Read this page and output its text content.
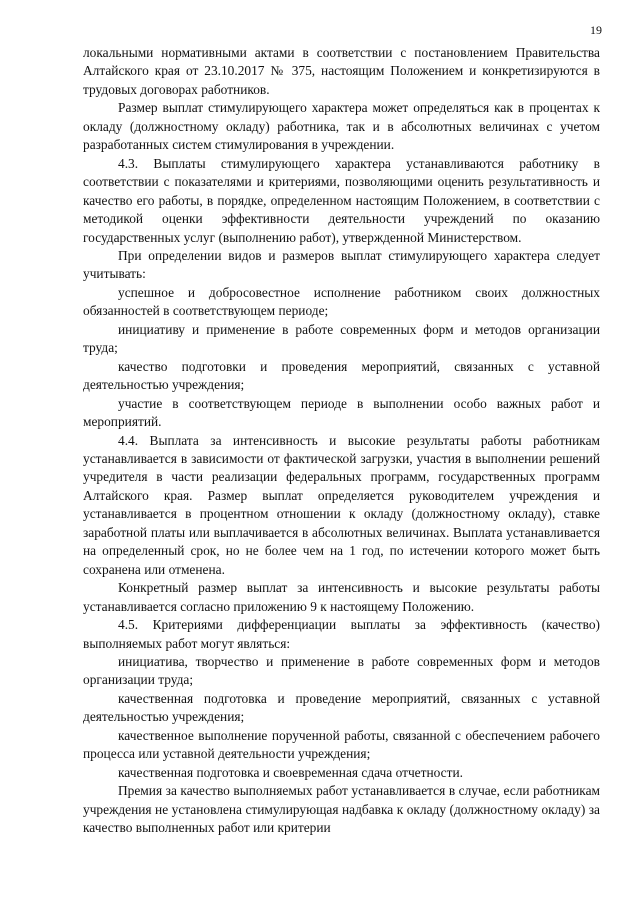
19

локальными нормативными актами в соответствии с постановлением Правительства Алтайского края от 23.10.2017 № 375, настоящим Положением и конкретизируются в трудовых договорах работников.

Размер выплат стимулирующего характера может определяться как в процентах к окладу (должностному окладу) работника, так и в абсолютных величинах с учетом разработанных систем стимулирования в учреждении.

4.3. Выплаты стимулирующего характера устанавливаются работнику в соответствии с показателями и критериями, позволяющими оценить результативность и качество его работы, в порядке, определенном настоящим Положением, в соответствии с методикой оценки эффективности деятельности учреждений по оказанию государственных услуг (выполнению работ), утвержденной Министерством.

При определении видов и размеров выплат стимулирующего характера следует учитывать:

успешное и добросовестное исполнение работником своих должностных обязанностей в соответствующем периоде;

инициативу и применение в работе современных форм и методов организации труда;

качество подготовки и проведения мероприятий, связанных с уставной деятельностью учреждения;

участие в соответствующем периоде в выполнении особо важных работ и мероприятий.

4.4. Выплата за интенсивность и высокие результаты работы работникам устанавливается в зависимости от фактической загрузки, участия в выполнении решений учредителя в части реализации федеральных программ, государственных программ Алтайского края. Размер выплат определяется руководителем учреждения и устанавливается в процентном отношении к окладу (должностному окладу), ставке заработной платы или выплачивается в абсолютных величинах. Выплата устанавливается на определенный срок, но не более чем на 1 год, по истечении которого может быть сохранена или отменена.

Конкретный размер выплат за интенсивность и высокие результаты работы устанавливается согласно приложению 9 к настоящему Положению.

4.5. Критериями дифференциации выплаты за эффективность (качество) выполняемых работ могут являться:

инициатива, творчество и применение в работе современных форм и методов организации труда;

качественная подготовка и проведение мероприятий, связанных с уставной деятельностью учреждения;

качественное выполнение порученной работы, связанной с обеспечением рабочего процесса или уставной деятельности учреждения;

качественная подготовка и своевременная сдача отчетности.

Премия за качество выполняемых работ устанавливается в случае, если работникам учреждения не установлена стимулирующая надбавка к окладу (должностному окладу) за качество выполненных работ или критерии
